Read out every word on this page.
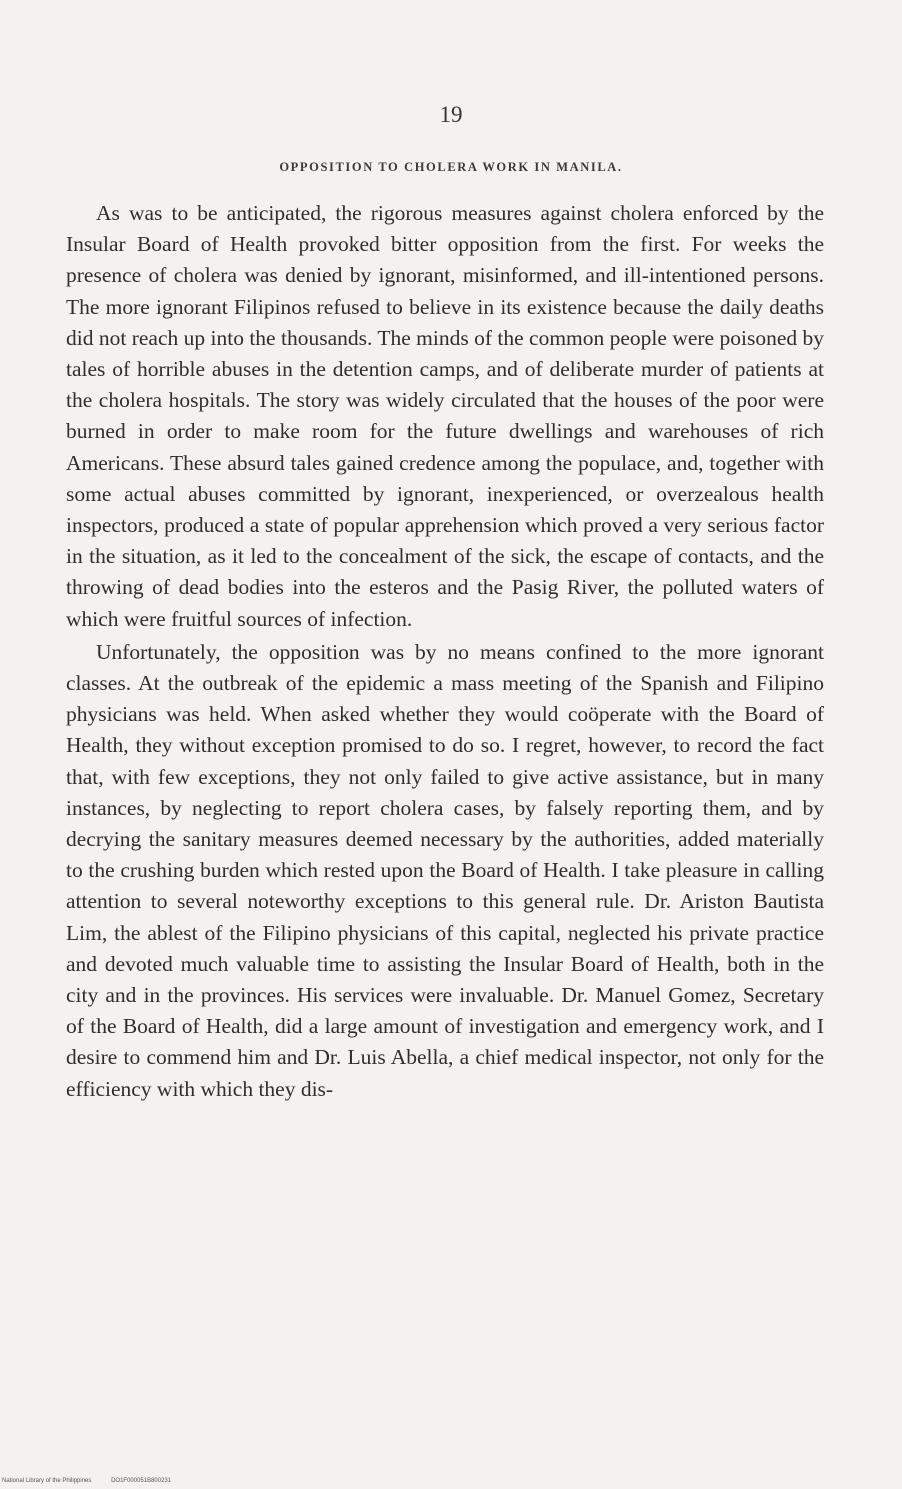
19
OPPOSITION TO CHOLERA WORK IN MANILA.

As was to be anticipated, the rigorous measures against cholera enforced by the Insular Board of Health provoked bitter opposition from the first. For weeks the presence of cholera was denied by ignorant, misinformed, and ill-intentioned persons. The more ignorant Filipinos refused to believe in its existence because the daily deaths did not reach up into the thousands. The minds of the common people were poisoned by tales of horrible abuses in the detention camps, and of deliberate murder of patients at the cholera hospitals. The story was widely circulated that the houses of the poor were burned in order to make room for the future dwellings and warehouses of rich Americans. These absurd tales gained credence among the populace, and, together with some actual abuses committed by ignorant, inexperienced, or overzealous health inspectors, produced a state of popular apprehension which proved a very serious factor in the situation, as it led to the concealment of the sick, the escape of contacts, and the throwing of dead bodies into the esteros and the Pasig River, the polluted waters of which were fruitful sources of infection.

Unfortunately, the opposition was by no means confined to the more ignorant classes. At the outbreak of the epidemic a mass meeting of the Spanish and Filipino physicians was held. When asked whether they would coöperate with the Board of Health, they without exception promised to do so. I regret, however, to record the fact that, with few exceptions, they not only failed to give active assistance, but in many instances, by neglecting to report cholera cases, by falsely reporting them, and by decrying the sanitary measures deemed necessary by the authorities, added materially to the crushing burden which rested upon the Board of Health. I take pleasure in calling attention to several noteworthy exceptions to this general rule. Dr. Ariston Bautista Lim, the ablest of the Filipino physicians of this capital, neglected his private practice and devoted much valuable time to assisting the Insular Board of Health, both in the city and in the provinces. His services were invaluable. Dr. Manuel Gomez, Secretary of the Board of Health, did a large amount of investigation and emergency work, and I desire to commend him and Dr. Luis Abella, a chief medical inspector, not only for the efficiency with which they dis-

National Library of the Philippines	DO1F000051B800231
